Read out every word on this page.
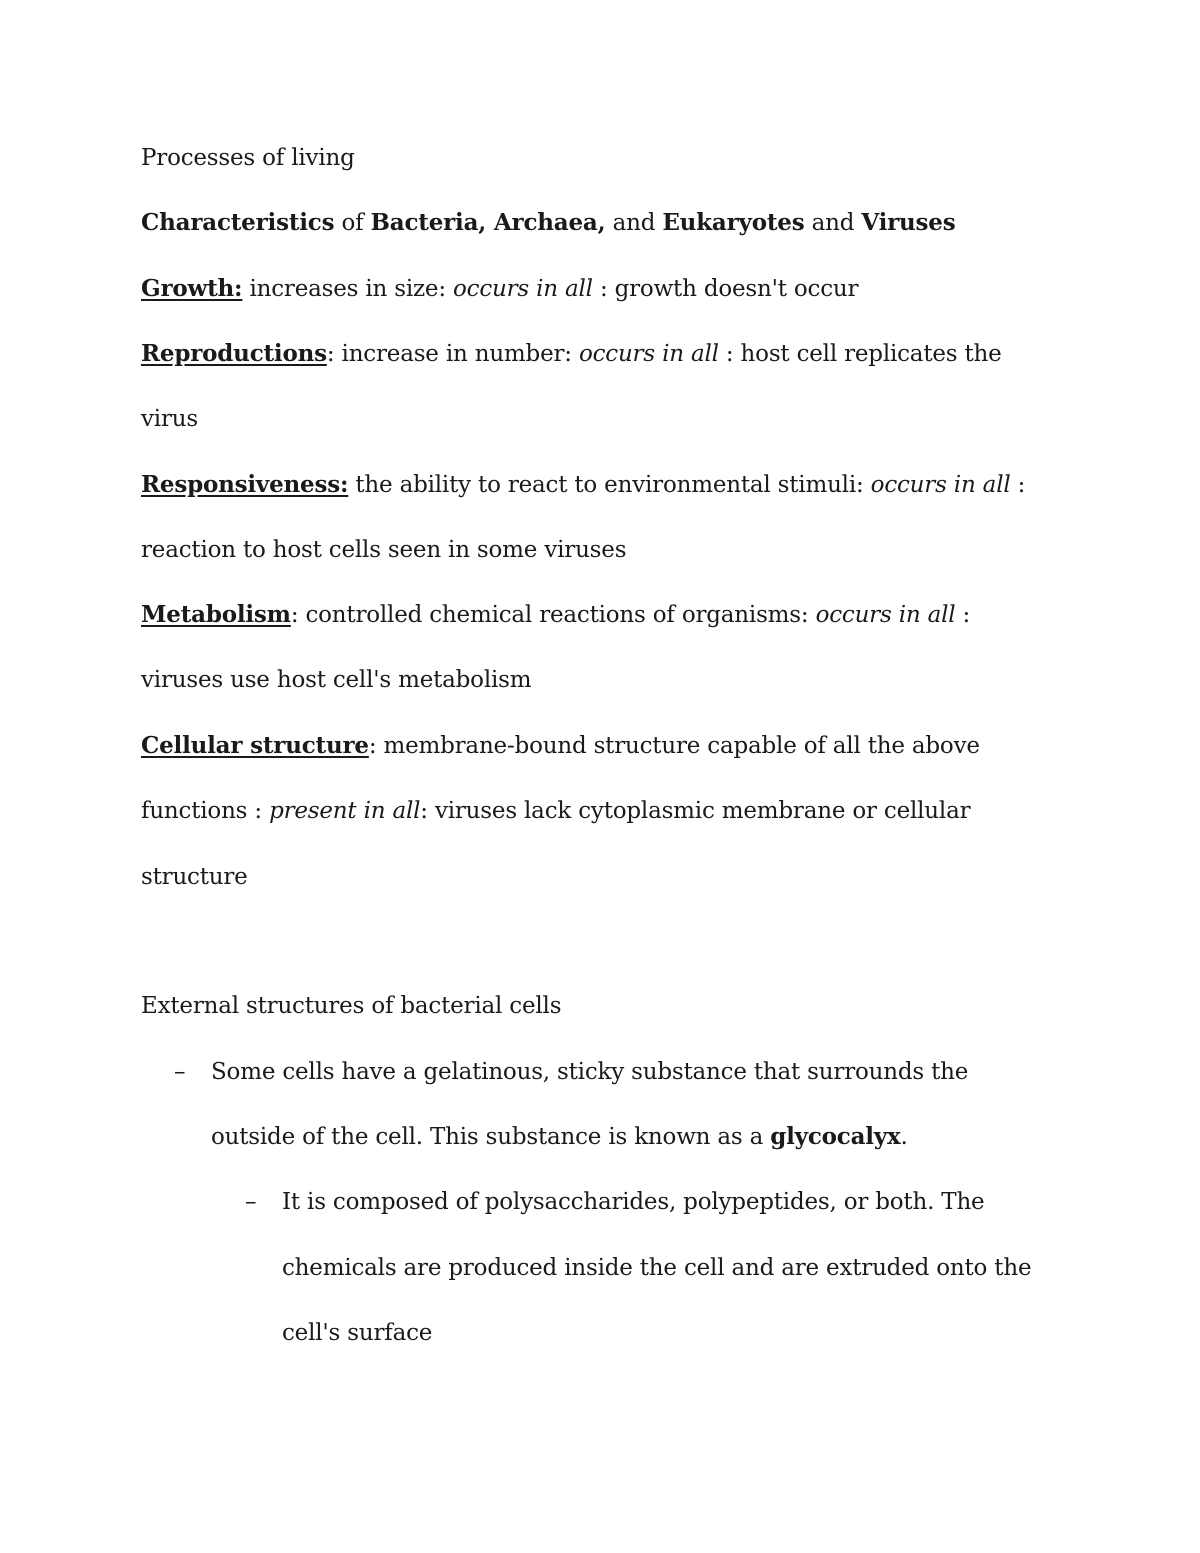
Processes of living
Characteristics of Bacteria, Archaea, and Eukaryotes and Viruses
Growth: increases in size: occurs in all : growth doesn't occur
Reproductions: increase in number: occurs in all : host cell replicates the
virus
Responsiveness: the ability to react to environmental stimuli: occurs in all :
reaction to host cells seen in some viruses
Metabolism: controlled chemical reactions of organisms: occurs in all :
viruses use host cell's metabolism
Cellular structure: membrane-bound structure capable of all the above
functions : present in all: viruses lack cytoplasmic membrane or cellular
structure
External structures of bacterial cells
– Some cells have a gelatinous, sticky substance that surrounds the
outside of the cell. This substance is known as a glycocalyx.
– It is composed of polysaccharides, polypeptides, or both. The
chemicals are produced inside the cell and are extruded onto the
cell's surface
